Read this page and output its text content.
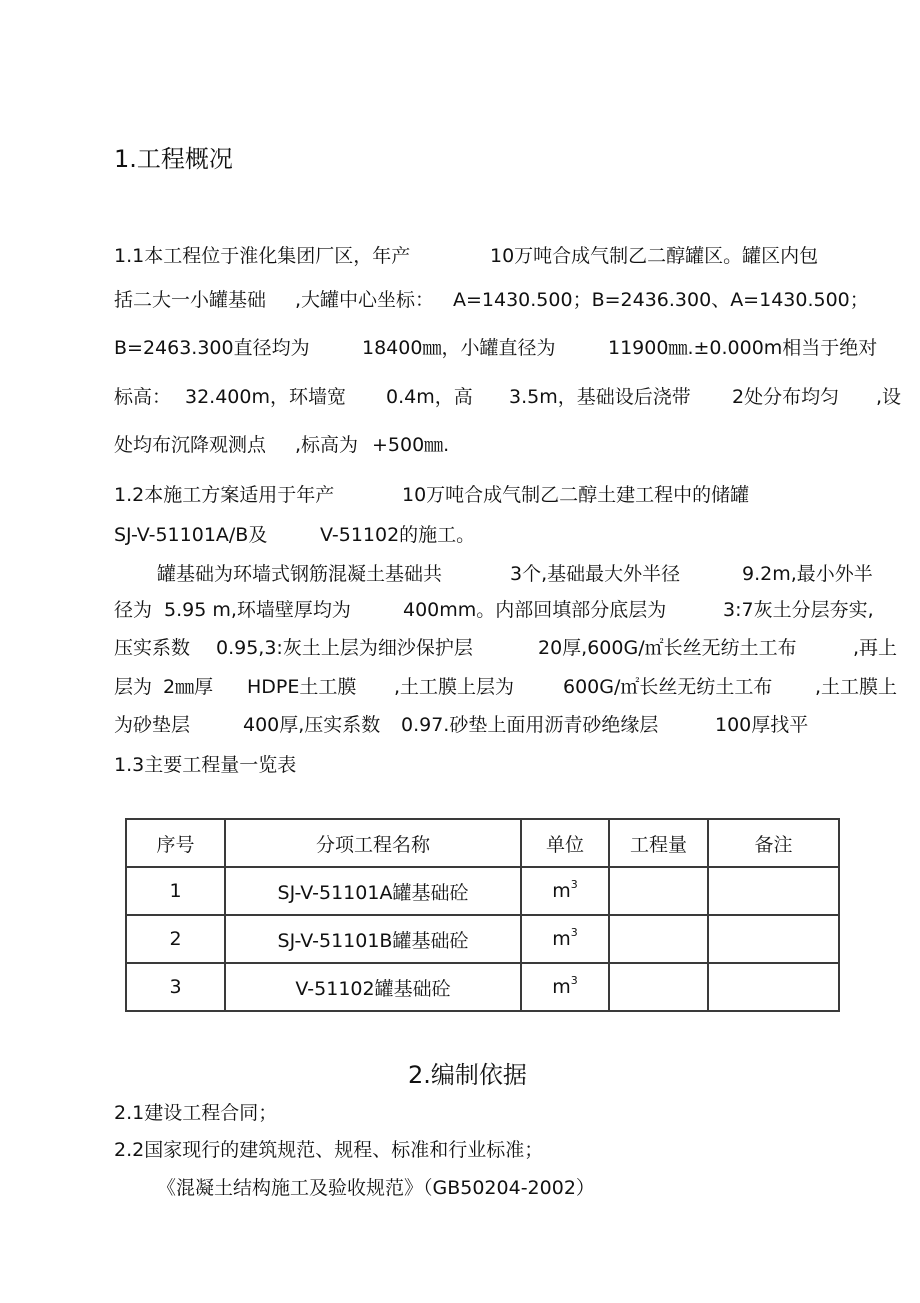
1.工程概况
1.1本工程位于淮化集团厂区，年产	10万吨合成气制乙二醇罐区。罐区内包
括二大一小罐基础 ,大罐中心坐标： A=1430.500；B=2436.300、A=1430.500；
B=2463.300直径均为	18400㎜，小罐直径为	11900㎜.±0.000m相当于绝对
标高： 32.400m，环墙宽 0.4m，高 3.5m，基础设后浇带 2处分布均匀 ,设
处均布沉降观测点 ,标高为 +500㎜.
1.2本施工方案适用于年产	10万吨合成气制乙二醇土建工程中的储罐
SJ-V-51101A/B及	V-51102的施工。
罐基础为环墙式钢筋混凝土基础共	3个,基础最大外半径	9.2m,最小外半
径为 5.95 m,环墙壁厚均为	400mm。内部回填部分底层为	3:7灰土分层夯实,
压实系数 0.95,3:灰土上层为细沙保护层	20厚,600G/㎡长丝无纺土工布	,再上
层为 2㎜厚 HDPE土工膜 ,土工膜上层为	600G/㎡长丝无纺土工布 ,土工膜上
为砂垫层	400厚,压实系数 0.97.砂垫上面用沥青砂绝缘层	100厚找平
1.3主要工程量一览表
序号	分项工程名称	单位	工程量	备注
1	SJ-V-51101A罐基础砼	$m^3$		
2	SJ-V-51101B罐基础砼	$m^3$		
3	V-51102罐基础砼	$m^3$		
2.编制依据
2.1建设工程合同；
2.2国家现行的建筑规范、规程、标准和行业标准；
《混凝土结构施工及验收规范》（GB50204-2002）
